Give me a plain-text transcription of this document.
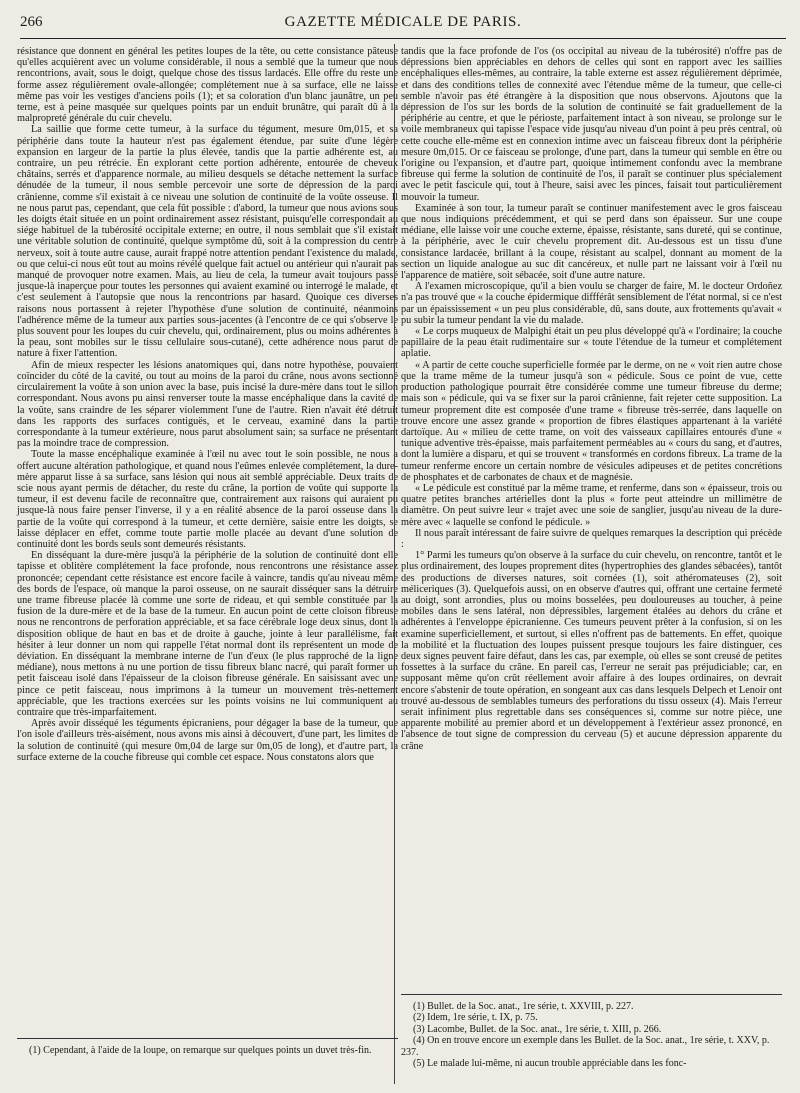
266	GAZETTE MÉDICALE DE PARIS.

résistance que donnent en général les petites loupes de la tête, ou cette consistance pâteuse qu'elles acquièrent avec un volume considérable, il nous a semblé que la tumeur que nous rencontrions, avait, sous le doigt, quelque chose des tissus lardacés. Elle offre du reste une forme assez régulièrement ovale-allongée; complétement nue à sa surface, elle ne laisse même pas voir les vestiges d'anciens poils (1); et sa coloration d'un blanc jaunâtre, un peu terne, est à peine masquée sur quelques points par un enduit brunâtre, qui paraît dû à la malpropreté générale du cuir chevelu.

La saillie que forme cette tumeur, à la surface du tégument, mesure 0m,015, et sa périphérie dans toute la hauteur n'est pas également étendue, par suite d'une légère expansion en largeur de la partie la plus élevée, tandis que la partie adhérente est, au contraire, un peu rétrécie. En explorant cette portion adhérente, entourée de cheveux châtains, serrés et d'apparence normale, au milieu desquels se détache nettement la surface dénudée de la tumeur, il nous semble percevoir une sorte de dépression de la paroi crânienne, comme s'il existait à ce niveau une solution de continuité de la voûte osseuse. Il ne nous parut pas, cependant, que cela fût possible : d'abord, la tumeur que nous avions sous les doigts était située en un point ordinairement assez résistant, puisqu'elle correspondait au siége habituel de la tubérosité occipitale externe; en outre, il nous semblait que s'il existait une véritable solution de continuité, quelque symptôme dû, soit à la compression du centre nerveux, soit à toute autre cause, aurait frappé notre attention pendant l'existence du malade, ou que celui-ci nous eût tout au moins révélé quelque fait actuel ou antérieur qui n'aurait pas manqué de provoquer notre examen. Mais, au lieu de cela, la tumeur avait toujours passé jusque-là inaperçue pour toutes les personnes qui avaient examiné ou interrogé le malade, et c'est seulement à l'autopsie que nous la rencontrions par hasard. Quoique ces diverses raisons nous portassent à rejeter l'hypothèse d'une solution de continuité, néanmoins l'adhérence même de la tumeur aux parties sous-jacentes (à l'encontre de ce qui s'observe le plus souvent pour les loupes du cuir chevelu, qui, ordinairement, plus ou moins adhérentes à la peau, sont mobiles sur le tissu cellulaire sous-cutané), cette adhérence nous parut de nature à fixer l'attention.

Afin de mieux respecter les lésions anatomiques qui, dans notre hypothèse, pouvaient coïncider du côté de la cavité, ou tout au moins de la paroi du crâne, nous avons sectionné circulairement la voûte à son union avec la base, puis incisé la dure-mère dans tout le sillon correspondant. Nous avons pu ainsi renverser toute la masse encéphalique dans la cavité de la voûte, sans craindre de les séparer violemment l'une de l'autre. Rien n'avait été détruit dans les rapports des surfaces contiguës, et le cerveau, examiné dans la partie correspondante à la tumeur extérieure, nous parut absolument sain; sa surface ne présentant pas la moindre trace de compression.

Toute la masse encéphalique examinée à l'œil nu avec tout le soin possible, ne nous a offert aucune altération pathologique, et quand nous l'eûmes enlevée complétement, la dure-mère apparut lisse à sa surface, sans lésion qui nous ait semblé appréciable. Deux traits de scie nous ayant permis de détacher, du reste du crâne, la portion de voûte qui supporte la tumeur, il est devenu facile de reconnaître que, contrairement aux raisons qui auraient pu jusque-là nous faire penser l'inverse, il y a en réalité absence de la paroi osseuse dans la partie de la voûte qui correspond à la tumeur, et cette dernière, saisie entre les doigts, se laisse déplacer en effet, comme toute partie molle placée au devant d'une solution de continuité dont les bords seuls sont demeurés résistants.

En disséquant la dure-mère jusqu'à la périphérie de la solution de continuité dont elle tapisse et oblitère complétement la face profonde, nous rencontrons une résistance assez prononcée; cependant cette résistance est encore facile à vaincre, tandis qu'au niveau même des bords de l'espace, où manque la paroi osseuse, on ne saurait disséquer sans la détruire une trame fibreuse placée là comme une sorte de rideau, et qui semble constituée par la fusion de la dure-mère et de la base de la tumeur. En aucun point de cette cloison fibreuse nous ne rencontrons de perforation appréciable, et sa face cérébrale loge deux sinus, dont la disposition oblique de haut en bas et de droite à gauche, jointe à leur parallélisme, fait hésiter à leur donner un nom qui rappelle l'état normal dont ils représentent un mode de déviation. En disséquant la membrane interne de l'un d'eux (le plus rapproché de la ligne médiane), nous mettons à nu une portion de tissu fibreux blanc nacré, qui paraît former un petit faisceau isolé dans l'épaisseur de la cloison fibreuse générale. En saisissant avec une pince ce petit faisceau, nous imprimons à la tumeur un mouvement très-nettement appréciable, que les tractions exercées sur les points voisins ne lui communiquent au contraire que très-imparfaitement.

Après avoir disséqué les téguments épicraniens, pour dégager la base de la tumeur, que l'on isole d'ailleurs très-aisément, nous avons mis ainsi à découvert, d'une part, les limites de la solution de continuité (qui mesure 0m,04 de large sur 0m,05 de long), et d'autre part, la surface externe de la couche fibreuse qui comble cet espace. Nous constatons alors que

tandis que la face profonde de l'os (os occipital au niveau de la tubérosité) n'offre pas de dépressions bien appréciables en dehors de celles qui sont en rapport avec les saillies encéphaliques elles-mêmes, au contraire, la table externe est assez régulièrement déprimée, et dans des conditions telles de connexité avec l'étendue même de la tumeur, que celle-ci semble n'avoir pas été étrangère à la disposition que nous observons. Ajoutons que la dépression de l'os sur les bords de la solution de continuité se fait graduellement de la périphérie au centre, et que le périoste, parfaitement intact à son niveau, se prolonge sur le voile membraneux qui tapisse l'espace vide jusqu'au niveau d'un point à peu près central, où cette couche elle-même est en connexion intime avec un faisceau fibreux dont la périphérie mesure 0m,015. Or ce faisceau se prolonge, d'une part, dans la tumeur qui semble en être ou l'origine ou l'expansion, et d'autre part, quoique intimement confondu avec la membrane fibreuse qui ferme la solution de continuité de l'os, il paraît se continuer plus spécialement avec le petit fascicule qui, tout à l'heure, saisi avec les pinces, faisait tout particulièrement mouvoir la tumeur.

Examinée à son tour, la tumeur paraît se continuer manifestement avec le gros faisceau que nous indiquions précédemment, et qui se perd dans son épaisseur. Sur une coupe médiane, elle laisse voir une couche externe, épaisse, résistante, sans dureté, qui se continue, à la périphérie, avec le cuir chevelu proprement dit. Au-dessous est un tissu d'une consistance lardacée, brillant à la coupe, résistant au scalpel, donnant au moment de la section un liquide analogue au suc dit cancéreux, et nulle part ne laissant voir à l'œil nu l'apparence de matière, soit sébacée, soit d'une autre nature.

A l'examen microscopique, qu'il a bien voulu se charger de faire, M. le docteur Ordoñez n'a pas trouvé que « la couche épidermique diffférât sensiblement de l'état normal, si ce n'est par un épaississement « un peu plus considérable, dû, sans doute, aux frottements qu'avait « pu subir la tumeur pendant la vie du malade.

« Le corps muqueux de Malpighi était un peu plus développé qu'à « l'ordinaire; la couche papillaire de la peau était rudimentaire sur « toute l'étendue de la tumeur et complétement aplatie.

« A partir de cette couche superficielle formée par le derme, on ne « voit rien autre chose que la trame même de la tumeur jusqu'à son « pédicule. Sous ce point de vue, cette production pathologique pourrait être considérée comme une tumeur fibreuse du derme; mais son « pédicule, qui va se fixer sur la paroi crânienne, fait rejeter cette supposition. La tumeur proprement dite est composée d'une trame « fibreuse très-serrée, dans laquelle on trouve encore une assez grande « proportion de fibres élastiques appartenant à la variété dartoïque. Au « milieu de cette trame, on voit des vaisseaux capillaires entourés d'une « tunique adventive très-épaisse, mais parfaitement perméables au « cours du sang, et d'autres, dont la lumière a disparu, et qui se trouvent « transformés en cordons fibreux. La trame de la tumeur renferme encore un certain nombre de vésicules adipeuses et de petites concrétions de phosphates et de carbonates de chaux et de magnésie.

« Le pédicule est constitué par la même trame, et renferme, dans son « épaisseur, trois ou quatre petites branches artérielles dont la plus « forte peut atteindre un millimètre de diamètre. On peut suivre leur « trajet avec une soie de sanglier, jusqu'au niveau de la dure-mère avec « laquelle se confond le pédicule. »

Il nous paraît intéressant de faire suivre de quelques remarques la description qui précède :

1° Parmi les tumeurs qu'on observe à la surface du cuir chevelu, on rencontre, tantôt et le plus ordinairement, des loupes proprement dites (hypertrophies des glandes sébacées), tantôt des productions de diverses natures, soit cornées (1), soit athéromateuses (2), soit méliceriques (3). Quelquefois aussi, on en observe d'autres qui, offrant une certaine fermeté au doigt, sont arrondies, plus ou moins bosselées, peu douloureuses au toucher, à peine mobiles dans le sens latéral, non dépressibles, largement étalées au dehors du crâne et adhérentes à l'enveloppe épicranienne. Ces tumeurs peuvent prêter à la confusion, si on les examine superficiellement, et surtout, si elles n'offrent pas de battements. En effet, quoique la mobilité et la fluctuation des loupes puissent presque toujours les faire distinguer, ces deux signes peuvent faire défaut, dans les cas, par exemple, où elles se sont creusé de petites fossettes à la surface du crâne. En pareil cas, l'erreur ne serait pas préjudiciable; car, en supposant même qu'on crût réellement avoir affaire à des loupes ordinaires, on devrait encore s'abstenir de toute opération, en songeant aux cas dans lesquels Delpech et Lenoir ont trouvé au-dessous de semblables tumeurs des perforations du tissu osseux (4). Mais l'erreur serait infiniment plus regrettable dans ses conséquences si, comme sur notre pièce, une apparente mobilité au premier abord et un développement à l'extérieur assez prononcé, en l'absence de tout signe de compression du cerveau (5) et aucune dépression apparente du crâne

(1) Cependant, à l'aide de la loupe, on remarque sur quelques points un duvet très-fin.

(1) Bullet. de la Soc. anat., 1re série, t. XXVIII, p. 227.

(2) Idem, 1re série, t. IX, p. 75.

(3) Lacombe, Bullet. de la Soc. anat., 1re série, t. XIII, p. 266.

(4) On en trouve encore un exemple dans les Bullet. de la Soc. anat., 1re série, t. XXV, p. 237.

(5) Le malade lui-même, ni aucun trouble appréciable dans les fonc-
